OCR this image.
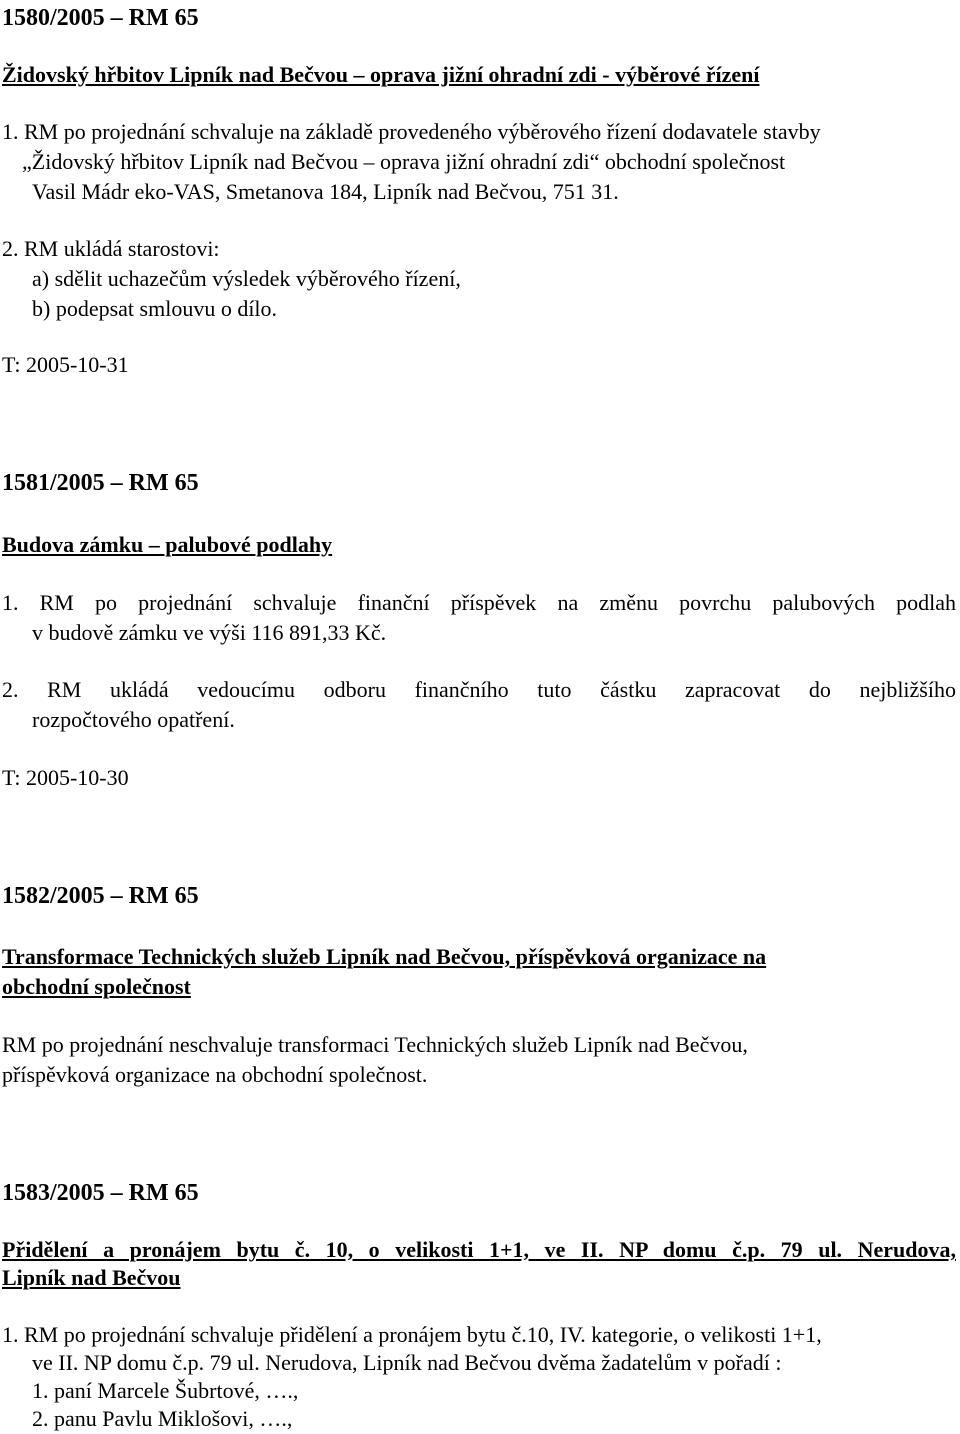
1580/2005 – RM 65
Židovský hřbitov Lipník nad Bečvou – oprava jižní ohradní zdi - výběrové řízení
1. RM po projednání schvaluje na základě provedeného výběrového řízení dodavatele stavby
„Židovský hřbitov Lipník nad Bečvou – oprava jižní ohradní zdi“ obchodní společnost
Vasil Mádr eko-VAS, Smetanova 184, Lipník nad Bečvou, 751 31.
2. RM ukládá starostovi:
a) sdělit uchazečům výsledek výběrového řízení,
b) podepsat smlouvu o dílo.
T: 2005-10-31
1581/2005 – RM 65
Budova zámku – palubové podlahy
1. RM po projednání schvaluje finanční příspěvek na změnu povrchu palubových podlah
v budově zámku ve výši 116 891,33 Kč.
2. RM ukládá vedoucímu odboru finančního tuto částku zapracovat do nejbližšího
rozpočtového opatření.
T: 2005-10-30
1582/2005 – RM 65
Transformace Technických služeb Lipník nad Bečvou, příspěvková organizace na
obchodní společnost
RM po projednání neschvaluje transformaci Technických služeb Lipník nad Bečvou,
příspěvková organizace na obchodní společnost.
1583/2005 – RM 65
Přidělení a pronájem bytu č. 10, o velikosti 1+1, ve II. NP domu č.p. 79 ul. Nerudova,
Lipník nad Bečvou
1. RM po projednání schvaluje přidělení a pronájem bytu č.10, IV. kategorie, o velikosti 1+1,
ve II. NP domu č.p. 79 ul. Nerudova, Lipník nad Bečvou dvěma žadatelům v pořadí :
1. paní Marcele Šubrtové, ….,
2. panu Pavlu Miklošovi, ….,
